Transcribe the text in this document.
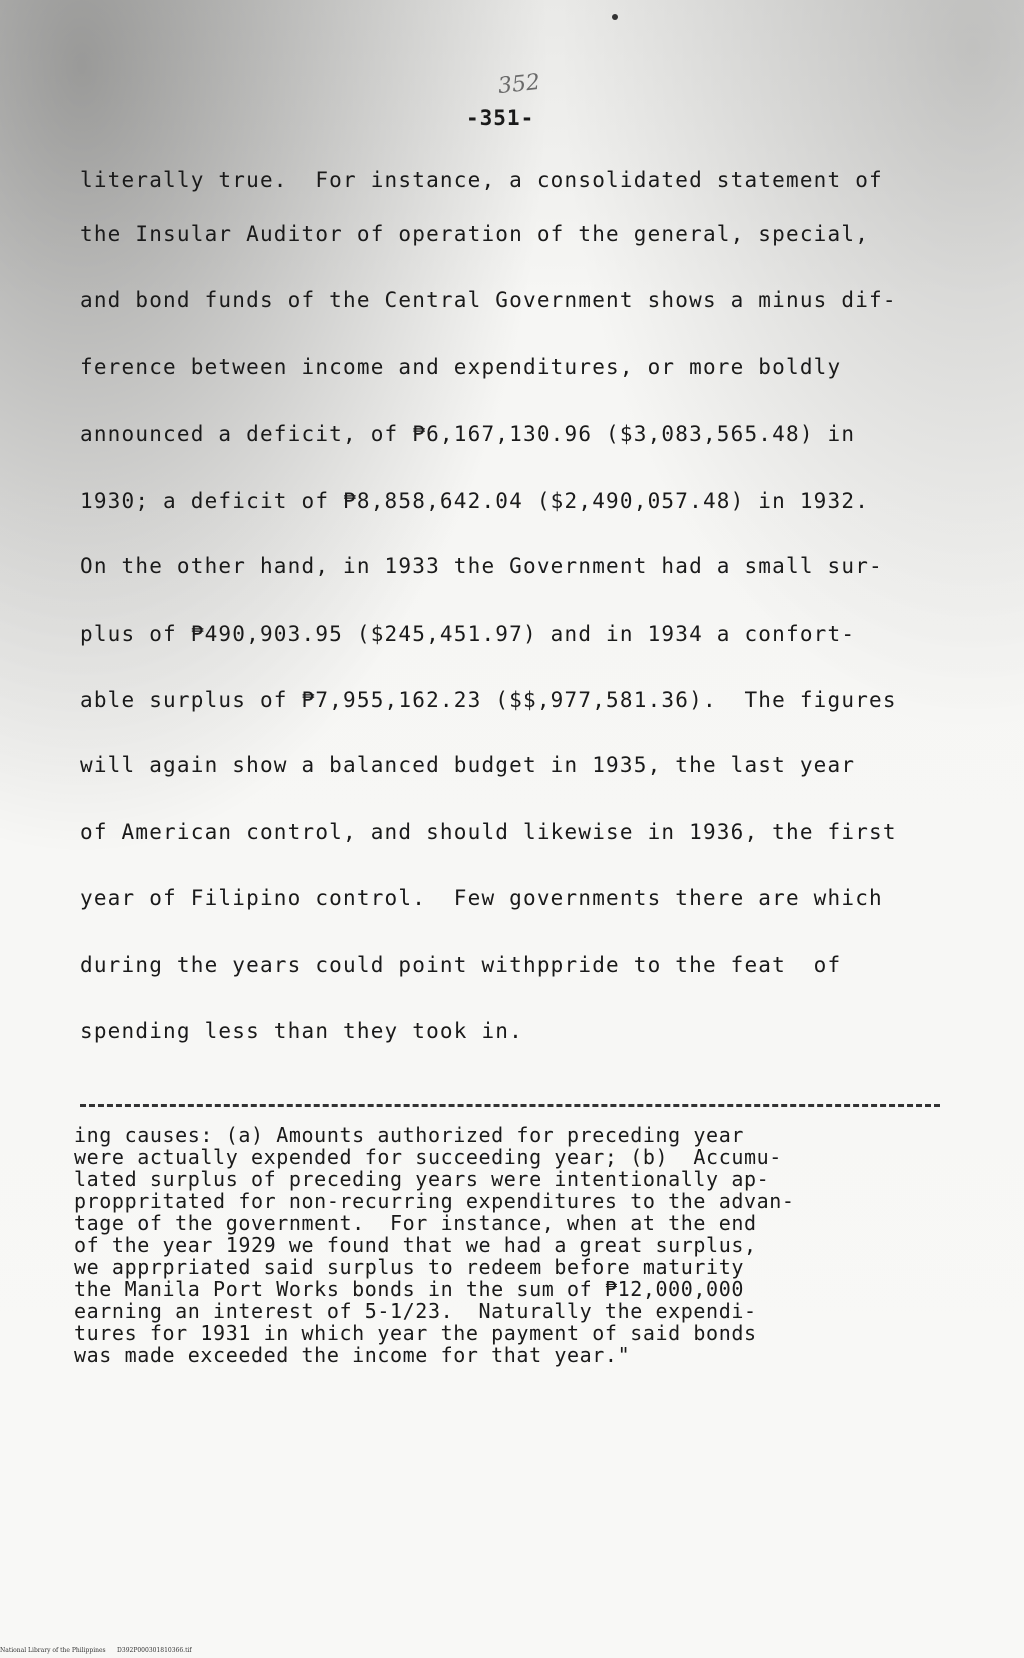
352
-351-
literally true.  For instance, a consolidated statement of
the Insular Auditor of operation of the general, special,
and bond funds of the Central Government shows a minus dif-
ference between income and expenditures, or more boldly
announced a deficit, of ₱6,167,130.96 ($3,083,565.48) in
1930; a deficit of ₱8,858,642.04 ($2,490,057.48) in 1932.
On the other hand, in 1933 the Government had a small sur-
plus of ₱490,903.95 ($245,451.97) and in 1934 a confort-
able surplus of ₱7,955,162.23 ($$,977,581.36).  The figures
will again show a balanced budget in 1935, the last year
of American control, and should likewise in 1936, the first
year of Filipino control.  Few governments there are which
during the years could point withppride to the feat  of
spending less than they took in.
ing causes: (a) Amounts authorized for preceding year
were actually expended for succeeding year; (b)  Accumu-
lated surplus of preceding years were intentionally ap-
proppritated for non-recurring expenditures to the advan-
tage of the government.  For instance, when at the end
of the year 1929 we found that we had a great surplus,
we apprpriated said surplus to redeem before maturity
the Manila Port Works bonds in the sum of ₱12,000,000
earning an interest of 5-1/23.  Naturally the expendi-
tures for 1931 in which year the payment of said bonds
was made exceeded the income for that year."
National Library of the Philippines      D392P000301810366.tif
